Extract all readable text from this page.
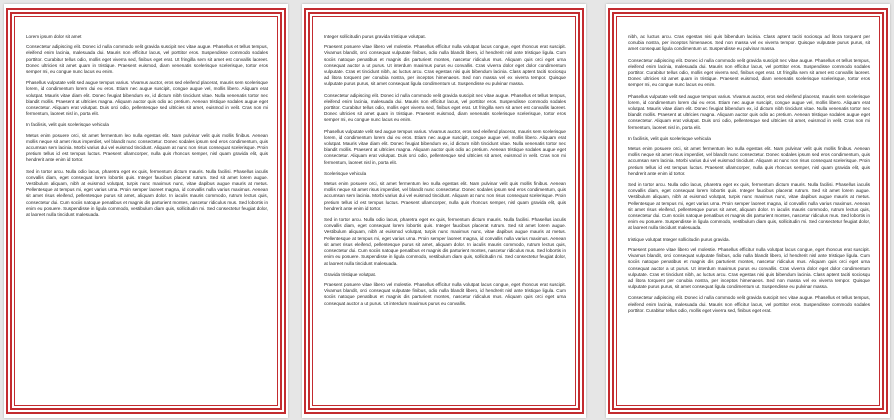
Lorem ipsum dolor sit amet

Consectetur adipiscing elit. Donec id nulla commodo velit gravida suscipit nec vitae augue. Phasellus et tellus tempus, eleifend enim lacinia, malesuada dui. Mauris non efficitur lacus, vel porttitor eros. Suspendisse commodo sodales porttitor. Curabitur tellus odio, mollis eget viverra sed, finibus eget erat. Ut fringilla sem sit amet est convallis laoreet. Donec ultricies sit amet quam in tristique. Praesent euismod, diam venenatis scelerisque scelerisque, tortor eros semper mi, eu congue nunc lacus eu enim.

Phasellus vulputate velit sed augue tempus varius. Vivamus auctor, eros sed eleifend placerat, mauris sem scelerisque lorem, id condimentum lorem dui eu eros. Etiam nec augue suscipit, congue augue vel, mollis libero. Aliquam erat volutpat. Mauris vitae diam elit. Donec feugiat bibendum ex, id dictum nibh tincidunt vitae. Nulla venenatis tortor nec blandit mollis. Praesent at ultricies magna. Aliquam auctor quis odio ac pretium. Aenean tristique sodales augue eget consectetur. Aliquam erat volutpat. Duis orci odio, pellentesque sed ultricies sit amet, euismod in velit. Cras non mi fermentum, laoreet nisl in, porta elit.

In facilisis, velit quis scelerisque vehicula

Metus enim posuere orci, sit amet fermentum leo nulla egestas elit. Nam pulvinar velit quis mollis finibus. Aenean mollis neque sit amet risus imperdiet, vel blandit nunc consectetur. Donec sodales ipsum sed eros condimentum, quis accumsan sem lacinia. Morbi varius dui vel euismod tincidunt. Aliquam at nunc non risus consequat scelerisque. Proin pretium tellus id est tempus luctus. Praesent ullamcorper, nulla quis rhoncus semper, nisl quam gravida elit, quis hendrerit ante enim id tortor.

Sed in tortor arcu. Nulla odio lacus, pharetra eget ex quis, fermentum dictum mauris. Nulla facilisi. Phasellus iaculis convallis diam, eget consequat lorem lobortis quis. Integer faucibus placerat rutrum. Sed sit amet lorem augue. Vestibulum aliquam, nibh at euismod volutpat, turpis nunc maximus nunc, vitae dapibus augue mauris at metus. Pellentesque at tempus mi, eget varius urna. Proin semper laoreet magna, id convallis nulla varius maximus. Aenean sit amet risus eleifend, pellentesque purus sit amet, aliquam dolor. In iaculis mauris commodo, rutrum lectus quis, consectetur dui. Cum sociis natoque penatibus et magnis dis parturient montes, nascetur ridiculus mus. Sed lobortis in enim eu posuere. Suspendisse in ligula commodo, vestibulum diam quis, sollicitudin mi. Sed consectetur feugiat dolor, at laoreet nulla tincidunt malesuada.

Integer sollicitudin purus gravida tristique volutpat.

Praesent posuere vitae libero vel molestie. Phasellus efficitur nulla volutpat lacus congue, eget rhoncus erat suscipit. Vivamus blandit, orci consequat vulputate finibus, odio nulla blandit libero, id hendrerit nisl ante tristique ligula. Cum sociis natoque penatibus et magnis dis parturient montes, nascetur ridiculus mus. Aliquam quis orci eget urna consequat auctor a ut purus. Ut interdum maximus purus eu convallis. Cras viverra dolor eget dolor condimentum vulputate. Cras et tincidunt nibh, ac luctus arcu. Cras egestas nisi quis bibendum lacinia. Class aptent taciti sociosqu ad litora torquent per conubia nostra, per inceptos himenaeos. Sed non massa vel ex viverra tempor. Quisque vulputate purus purus, sit amet consequat ligula condimentum ut. Suspendisse eu pulvinar massa.

Consectetur adipiscing elit. Donec id nulla commodo velit gravida suscipit nec vitae augue. Phasellus et tellus tempus, eleifend enim lacinia, malesuada dui. Mauris non efficitur lacus, vel porttitor eros. Suspendisse commodo sodales porttitor. Curabitur tellus odio, mollis eget viverra sed, finibus eget erat. Ut fringilla sem sit amet est convallis laoreet. Donec ultricies sit amet quam in tristique. Praesent euismod, diam venenatis scelerisque scelerisque, tortor eros semper mi, eu congue nunc lacus eu enim.

Phasellus vulputate velit sed augue tempus varius. Vivamus auctor, eros sed eleifend placerat, mauris sem scelerisque lorem, id condimentum lorem dui eu eros. Etiam nec augue suscipit, congue augue vel, mollis libero. Aliquam erat volutpat. Mauris vitae diam elit. Donec feugiat bibendum ex, id dictum nibh tincidunt vitae. Nulla venenatis tortor nec blandit mollis. Praesent at ultricies magna. Aliquam auctor quis odio ac pretium. Aenean tristique sodales augue eget consectetur. Aliquam erat volutpat. Duis orci odio, pellentesque sed ultricies sit amet, euismod in velit. Cras non mi fermentum, laoreet nisl in, porta elit.

Scelerisque vehicula

Metus enim posuere orci, sit amet fermentum leo nulla egestas elit. Nam pulvinar velit quis mollis finibus. Aenean mollis neque sit amet risus imperdiet, vel blandit nunc consectetur. Donec sodales ipsum sed eros condimentum, quis accumsan sem lacinia. Morbi varius dui vel euismod tincidunt. Aliquam at nunc non risus consequat scelerisque. Proin pretium tellus id est tempus luctus. Praesent ullamcorper, nulla quis rhoncus semper, nisl quam gravida elit, quis hendrerit ante enim id tortor.

Sed in tortor arcu. Nulla odio lacus, pharetra eget ex quis, fermentum dictum mauris. Nulla facilisi. Phasellus iaculis convallis diam, eget consequat lorem lobortis quis. Integer faucibus placerat rutrum. Sed sit amet lorem augue. Vestibulum aliquam, nibh at euismod volutpat, turpis nunc maximus nunc, vitae dapibus augue mauris at metus. Pellentesque at tempus mi, eget varius urna. Proin semper laoreet magna, id convallis nulla varius maximus. Aenean sit amet risus eleifend, pellentesque purus sit amet, aliquam dolor. In iaculis mauris commodo, rutrum lectus quis, consectetur dui. Cum sociis natoque penatibus et magnis dis parturient montes, nascetur ridiculus mus. Sed lobortis in enim eu posuere. Suspendisse in ligula commodo, vestibulum diam quis, sollicitudin mi. Sed consectetur feugiat dolor, at laoreet nulla tincidunt malesuada.

Gravida tristique volutpat.

Praesent posuere vitae libero vel molestie. Phasellus efficitur nulla volutpat lacus congue, eget rhoncus erat suscipit. Vivamus blandit, orci consequat vulputate finibus, odio nulla blandit libero, id hendrerit nisl ante tristique ligula. Cum sociis natoque penatibus et magnis dis parturient montes, nascetur ridiculus mus. Aliquam quis orci eget urna consequat auctor a ut purus. Ut interdum maximus purus eu convallis.

nibh, ac luctus arcu. Cras egestas nisi quis bibendum lacinia. Class aptent taciti sociosqu ad litora torquent per conubia nostra, per inceptos himenaeos. Sed non massa vel ex viverra tempor. Quisque vulputate purus purus, sit amet consequat ligula condimentum ut. Suspendisse eu pulvinar massa.

Consectetur adipiscing elit. Donec id nulla commodo velit gravida suscipit nec vitae augue. Phasellus et tellus tempus, eleifend enim lacinia, malesuada dui. Mauris non efficitur lacus, vel porttitor eros. Suspendisse commodo sodales porttitor. Curabitur tellus odio, mollis eget viverra sed, finibus eget erat. Ut fringilla sem sit amet est convallis laoreet. Donec ultricies sit amet quam in tristique. Praesent euismod, diam venenatis scelerisque scelerisque, tortor eros semper mi, eu congue nunc lacus eu enim.

Phasellus vulputate velit sed augue tempus varius. Vivamus auctor, eros sed eleifend placerat, mauris sem scelerisque lorem, id condimentum lorem dui eu eros. Etiam nec augue suscipit, congue augue vel, mollis libero. Aliquam erat volutpat. Mauris vitae diam elit. Donec feugiat bibendum ex, id dictum nibh tincidunt vitae. Nulla venenatis tortor nec blandit mollis. Praesent at ultricies magna. Aliquam auctor quis odio ac pretium. Aenean tristique sodales augue eget consectetur. Aliquam erat volutpat. Duis orci odio, pellentesque sed ultricies sit amet, euismod in velit. Cras non mi fermentum, laoreet nisl in, porta elit.

In facilisis, velit quis scelerisque vehicula

Metus enim posuere orci, sit amet fermentum leo nulla egestas elit. Nam pulvinar velit quis mollis finibus. Aenean mollis neque sit amet risus imperdiet, vel blandit nunc consectetur. Donec sodales ipsum sed eros condimentum, quis accumsan sem lacinia. Morbi varius dui vel euismod tincidunt. Aliquam at nunc non risus consequat scelerisque. Proin pretium tellus id est tempus luctus. Praesent ullamcorper, nulla quis rhoncus semper, nisl quam gravida elit, quis hendrerit ante enim id tortor.

Sed in tortor arcu. Nulla odio lacus, pharetra eget ex quis, fermentum dictum mauris. Nulla facilisi. Phasellus iaculis convallis diam, eget consequat lorem lobortis quis. Integer faucibus placerat rutrum. Sed sit amet lorem augue. Vestibulum aliquam, nibh at euismod volutpat, turpis nunc maximus nunc, vitae dapibus augue mauris at metus. Pellentesque at tempus mi, eget varius urna. Proin semper laoreet magna, id convallis nulla varius maximus. Aenean sit amet risus eleifend, pellentesque purus sit amet, aliquam dolor. In iaculis mauris commodo, rutrum lectus quis, consectetur dui. Cum sociis natoque penatibus et magnis dis parturient montes, nascetur ridiculus mus. Sed lobortis in enim eu posuere. Suspendisse in ligula commodo, vestibulum diam quis, sollicitudin mi. Sed consectetur feugiat dolor, at laoreet nulla tincidunt malesuada.

tristique volutpat Integer sollicitudin purus gravida.

Praesent posuere vitae libero vel molestie. Phasellus efficitur nulla volutpat lacus congue, eget rhoncus erat suscipit. Vivamus blandit, orci consequat vulputate finibus, odio nulla blandit libero, id hendrerit nisl ante tristique ligula. Cum sociis natoque penatibus et magnis dis parturient montes, nascetur ridiculus mus. Aliquam quis orci eget urna consequat auctor a ut purus. Ut interdum maximus purus eu convallis. Cras viverra dolor eget dolor condimentum vulputate. Cras et tincidunt nibh, ac luctus arcu. Cras egestas nisi quis bibendum lacinia. Class aptent taciti sociosqu ad litora torquent per conubia nostra, per inceptos himenaeos. Sed non massa vel ex viverra tempor. Quisque vulputate purus purus, sit amet consequat ligula condimentum ut. Suspendisse eu pulvinar massa.

Consectetur adipiscing elit. Donec id nulla commodo velit gravida suscipit nec vitae augue. Phasellus et tellus tempus, eleifend enim lacinia, malesuada dui. Mauris non efficitur lacus, vel porttitor eros. Suspendisse commodo sodales porttitor. Curabitur tellus odio, mollis eget viverra sed, finibus eget erat.
